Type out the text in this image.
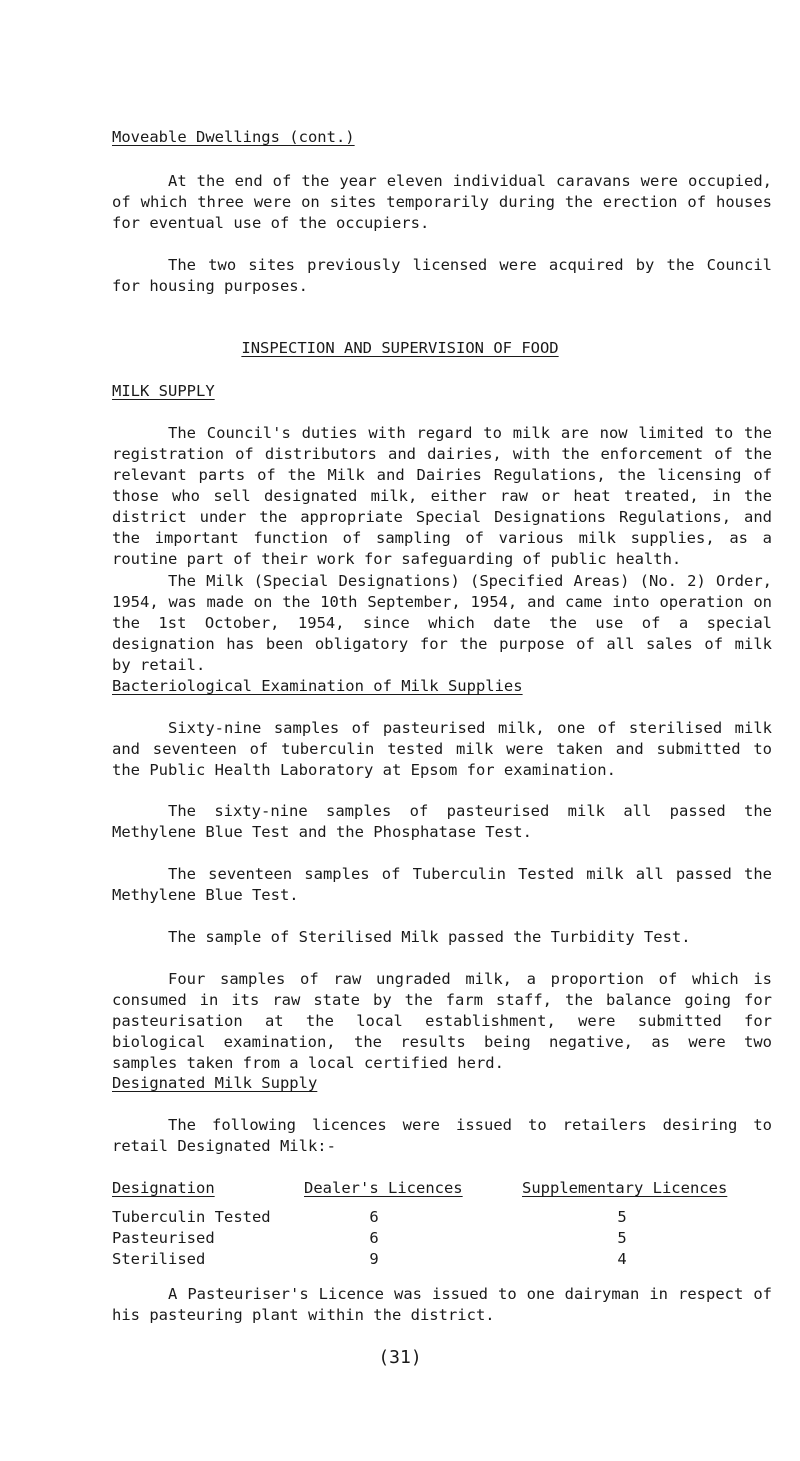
Moveable Dwellings (cont.)

At the end of the year eleven individual caravans were occupied, of which three were on sites temporarily during the erection of houses for eventual use of the occupiers.

The two sites previously licensed were acquired by the Council for housing purposes.

INSPECTION AND SUPERVISION OF FOOD

MILK SUPPLY

The Council's duties with regard to milk are now limited to the registration of distributors and dairies, with the enforcement of the relevant parts of the Milk and Dairies Regulations, the licensing of those who sell designated milk, either raw or heat treated, in the district under the appropriate Special Designations Regulations, and the important function of sampling of various milk supplies, as a routine part of their work for safeguarding of public health.

The Milk (Special Designations) (Specified Areas) (No. 2) Order, 1954, was made on the 10th September, 1954, and came into operation on the 1st October, 1954, since which date the use of a special designation has been obligatory for the purpose of all sales of milk by retail.

Bacteriological Examination of Milk Supplies

Sixty-nine samples of pasteurised milk, one of sterilised milk and seventeen of tuberculin tested milk were taken and submitted to the Public Health Laboratory at Epsom for examination.

The sixty-nine samples of pasteurised milk all passed the Methylene Blue Test and the Phosphatase Test.

The seventeen samples of Tuberculin Tested milk all passed the Methylene Blue Test.

The sample of Sterilised Milk passed the Turbidity Test.

Four samples of raw ungraded milk, a proportion of which is consumed in its raw state by the farm staff, the balance going for pasteurisation at the local establishment, were submitted for biological examination, the results being negative, as were two samples taken from a local certified herd.

Designated Milk Supply

The following licences were issued to retailers desiring to retail Designated Milk:-

Designation	Dealer's Licences	Supplementary Licences

Tuberculin Tested	6	5
Pasteurised	6	5
Sterilised	9	4

A Pasteuriser's Licence was issued to one dairyman in respect of his pasteuring plant within the district.

(31)
